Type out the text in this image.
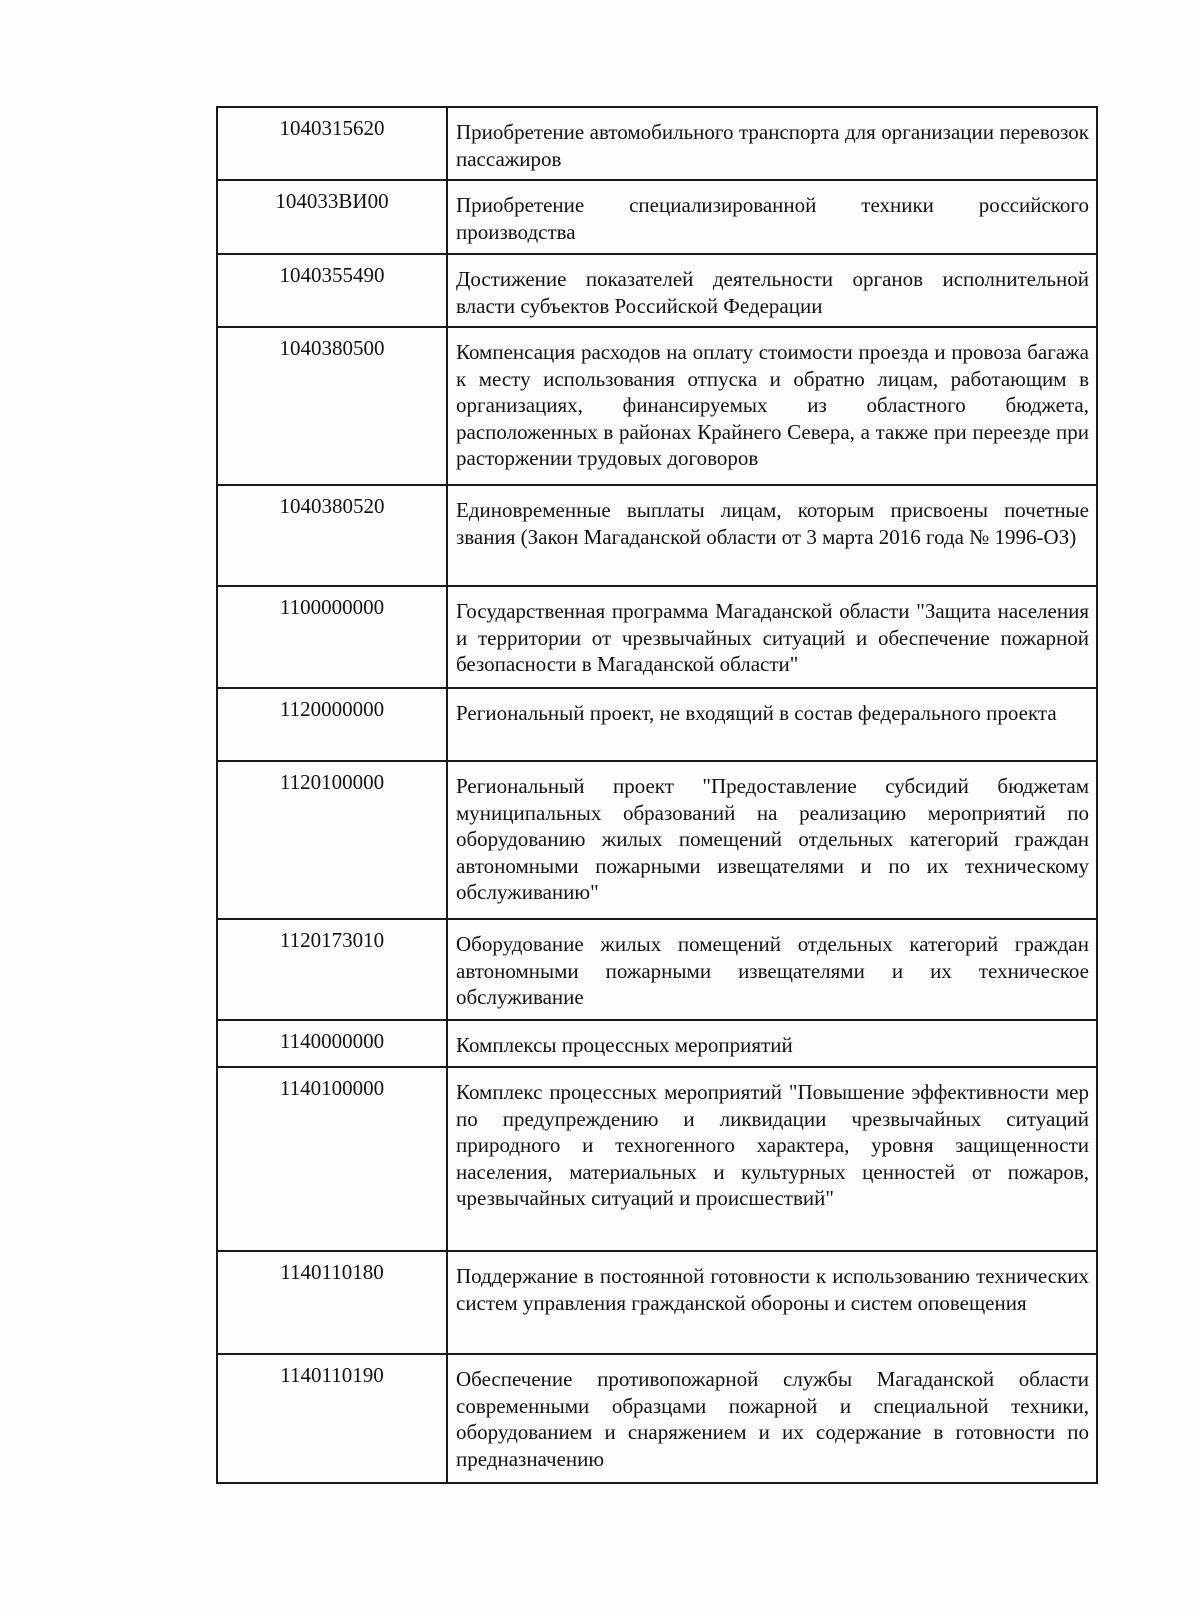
1040315620	Приобретение автомобильного транспорта для организации перевозок пассажиров
104033ВИ00	Приобретение специализированной техники российского производства
1040355490	Достижение показателей деятельности органов исполнительной власти субъектов Российской Федерации
1040380500	Компенсация расходов на оплату стоимости проезда и провоза багажа к месту использования отпуска и обратно лицам, работающим в организациях, финансируемых из областного бюджета, расположенных в районах Крайнего Севера, а также при переезде при расторжении трудовых договоров
1040380520	Единовременные выплаты лицам, которым присвоены почетные звания (Закон Магаданской области от 3 марта 2016 года № 1996-ОЗ)
1100000000	Государственная программа Магаданской области "Защита населения и территории от чрезвычайных ситуаций и обеспечение пожарной безопасности в Магаданской области"
1120000000	Региональный проект, не входящий в состав федерального проекта
1120100000	Региональный проект "Предоставление субсидий бюджетам муниципальных образований на реализацию мероприятий по оборудованию жилых помещений отдельных категорий граждан автономными пожарными извещателями и по их техническому обслуживанию"
1120173010	Оборудование жилых помещений отдельных категорий граждан автономными пожарными извещателями и их техническое обслуживание
1140000000	Комплексы процессных мероприятий
1140100000	Комплекс процессных мероприятий "Повышение эффективности мер по предупреждению и ликвидации чрезвычайных ситуаций природного и техногенного характера, уровня защищенности населения, материальных и культурных ценностей от пожаров, чрезвычайных ситуаций и происшествий"
1140110180	Поддержание в постоянной готовности к использованию технических систем управления гражданской обороны и систем оповещения
1140110190	Обеспечение противопожарной службы Магаданской области современными образцами пожарной и специальной техники, оборудованием и снаряжением и их содержание в готовности по предназначению
